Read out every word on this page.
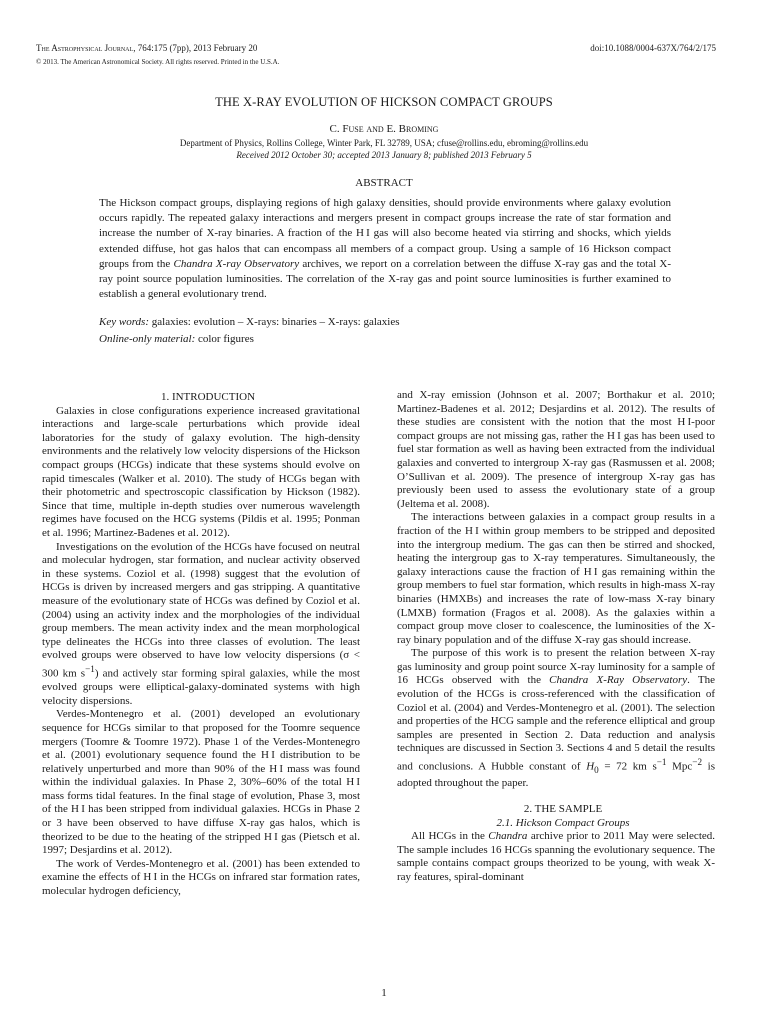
The Astrophysical Journal, 764:175 (7pp), 2013 February 20	doi:10.1088/0004-637X/764/2/175
© 2013. The American Astronomical Society. All rights reserved. Printed in the U.S.A.
THE X-RAY EVOLUTION OF HICKSON COMPACT GROUPS
C. Fuse and E. Broming
Department of Physics, Rollins College, Winter Park, FL 32789, USA; cfuse@rollins.edu, ebroming@rollins.edu
Received 2012 October 30; accepted 2013 January 8; published 2013 February 5
ABSTRACT
The Hickson compact groups, displaying regions of high galaxy densities, should provide environments where galaxy evolution occurs rapidly. The repeated galaxy interactions and mergers present in compact groups increase the rate of star formation and increase the number of X-ray binaries. A fraction of the H I gas will also become heated via stirring and shocks, which yields extended diffuse, hot gas halos that can encompass all members of a compact group. Using a sample of 16 Hickson compact groups from the Chandra X-ray Observatory archives, we report on a correlation between the diffuse X-ray gas and the total X-ray point source population luminosities. The correlation of the X-ray gas and point source luminosities is further examined to establish a general evolutionary trend.
Key words: galaxies: evolution – X-rays: binaries – X-rays: galaxies
Online-only material: color figures

1. INTRODUCTION

Galaxies in close configurations experience increased gravitational interactions and large-scale perturbations which provide ideal laboratories for the study of galaxy evolution. The high-density environments and the relatively low velocity dispersions of the Hickson compact groups (HCGs) indicate that these systems should evolve on rapid timescales (Walker et al. 2010). The study of HCGs began with their photometric and spectroscopic classification by Hickson (1982). Since that time, multiple in-depth studies over numerous wavelength regimes have focused on the HCG systems (Pildis et al. 1995; Ponman et al. 1996; Martinez-Badenes et al. 2012).

Investigations on the evolution of the HCGs have focused on neutral and molecular hydrogen, star formation, and nuclear activity observed in these systems. Coziol et al. (1998) suggest that the evolution of HCGs is driven by increased mergers and gas stripping. A quantitative measure of the evolutionary state of HCGs was defined by Coziol et al. (2004) using an activity index and the morphologies of the individual group members. The mean activity index and the mean morphological type delineates the HCGs into three classes of evolution. The least evolved groups were observed to have low velocity dispersions (σ < 300 km $s^{-1}$) and actively star forming spiral galaxies, while the most evolved groups were elliptical-galaxy-dominated systems with high velocity dispersions.

Verdes-Montenegro et al. (2001) developed an evolutionary sequence for HCGs similar to that proposed for the Toomre sequence mergers (Toomre & Toomre 1972). Phase 1 of the Verdes-Montenegro et al. (2001) evolutionary sequence found the H I distribution to be relatively unperturbed and more than 90% of the H I mass was found within the individual galaxies. In Phase 2, 30%–60% of the total H I mass forms tidal features. In the final stage of evolution, Phase 3, most of the H I has been stripped from individual galaxies. HCGs in Phase 2 or 3 have been observed to have diffuse X-ray gas halos, which is theorized to be due to the heating of the stripped H I gas (Pietsch et al. 1997; Desjardins et al. 2012).

The work of Verdes-Montenegro et al. (2001) has been extended to examine the effects of H I in the HCGs on infrared star formation rates, molecular hydrogen deficiency,

and X-ray emission (Johnson et al. 2007; Borthakur et al. 2010; Martinez-Badenes et al. 2012; Desjardins et al. 2012). The results of these studies are consistent with the notion that the most H I-poor compact groups are not missing gas, rather the H I gas has been used to fuel star formation as well as having been extracted from the individual galaxies and converted to intergroup X-ray gas (Rasmussen et al. 2008; O’Sullivan et al. 2009). The presence of intergroup X-ray gas has previously been used to assess the evolutionary state of a group (Jeltema et al. 2008).

The interactions between galaxies in a compact group results in a fraction of the H I within group members to be stripped and deposited into the intergroup medium. The gas can then be stirred and shocked, heating the intergroup gas to X-ray temperatures. Simultaneously, the galaxy interactions cause the fraction of H I gas remaining within the group members to fuel star formation, which results in high-mass X-ray binaries (HMXBs) and increases the rate of low-mass X-ray binary (LMXB) formation (Fragos et al. 2008). As the galaxies within a compact group move closer to coalescence, the luminosities of the X-ray binary population and of the diffuse X-ray gas should increase.

The purpose of this work is to present the relation between X-ray gas luminosity and group point source X-ray luminosity for a sample of 16 HCGs observed with the Chandra X-Ray Observatory. The evolution of the HCGs is cross-referenced with the classification of Coziol et al. (2004) and Verdes-Montenegro et al. (2001). The selection and properties of the HCG sample and the reference elliptical and group samples are presented in Section 2. Data reduction and analysis techniques are discussed in Section 3. Sections 4 and 5 detail the results and conclusions. A Hubble constant of $H_0 = 72$ km $s^{-1}$ Mpc$^{-2}$ is adopted throughout the paper.

2. THE SAMPLE

2.1. Hickson Compact Groups

All HCGs in the Chandra archive prior to 2011 May were selected. The sample includes 16 HCGs spanning the evolutionary sequence. The sample contains compact groups theorized to be young, with weak X-ray features, spiral-dominant

1
